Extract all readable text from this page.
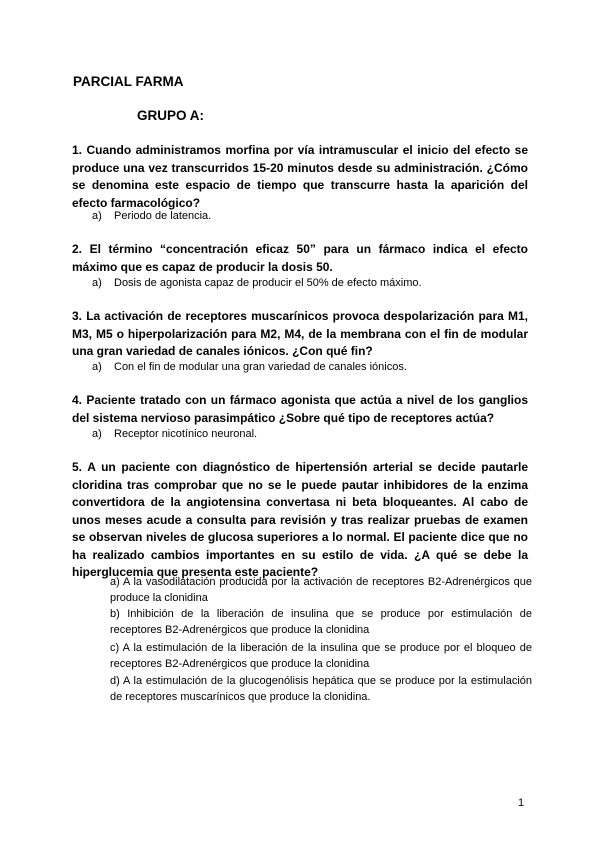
PARCIAL FARMA
GRUPO A:

1. Cuando administramos morfina por vía intramuscular el inicio del efecto se produce una vez transcurridos 15-20 minutos desde su administración. ¿Cómo se denomina este espacio de tiempo que transcurre hasta la aparición del efecto farmacológico?

a) Periodo de latencia.

2. El término “concentración eficaz 50” para un fármaco indica el efecto máximo que es capaz de producir la dosis 50.

a) Dosis de agonista capaz de producir el 50% de efecto máximo.

3. La activación de receptores muscarínicos provoca despolarización para M1, M3, M5 o hiperpolarización para M2, M4, de la membrana con el fin de modular una gran variedad de canales iónicos. ¿Con qué fin?

a) Con el fin de modular una gran variedad de canales iónicos.

4. Paciente tratado con un fármaco agonista que actúa a nivel de los ganglios del sistema nervioso parasimpático ¿Sobre qué tipo de receptores actúa?

a) Receptor nicotínico neuronal.

5. A un paciente con diagnóstico de hipertensión arterial se decide pautarle cloridina tras comprobar que no se le puede pautar inhibidores de la enzima convertidora de la angiotensina convertasa ni beta bloqueantes. Al cabo de unos meses acude a consulta para revisión y tras realizar pruebas de examen se observan niveles de glucosa superiores a lo normal. El paciente dice que no ha realizado cambios importantes en su estilo de vida. ¿A qué se debe la hiperglucemia que presenta este paciente?

a) A la vasodilatación producida por la activación de receptores B2-Adrenérgicos que produce la clonidina

b) Inhibición de la liberación de insulina que se produce por estimulación de receptores B2-Adrenérgicos que produce la clonidina

c) A la estimulación de la liberación de la insulina que se produce por el bloqueo de receptores B2-Adrenérgicos que produce la clonidina

d) A la estimulación de la glucogenólisis hepática que se produce por la estimulación de receptores muscarínicos que produce la clonidina.

1
